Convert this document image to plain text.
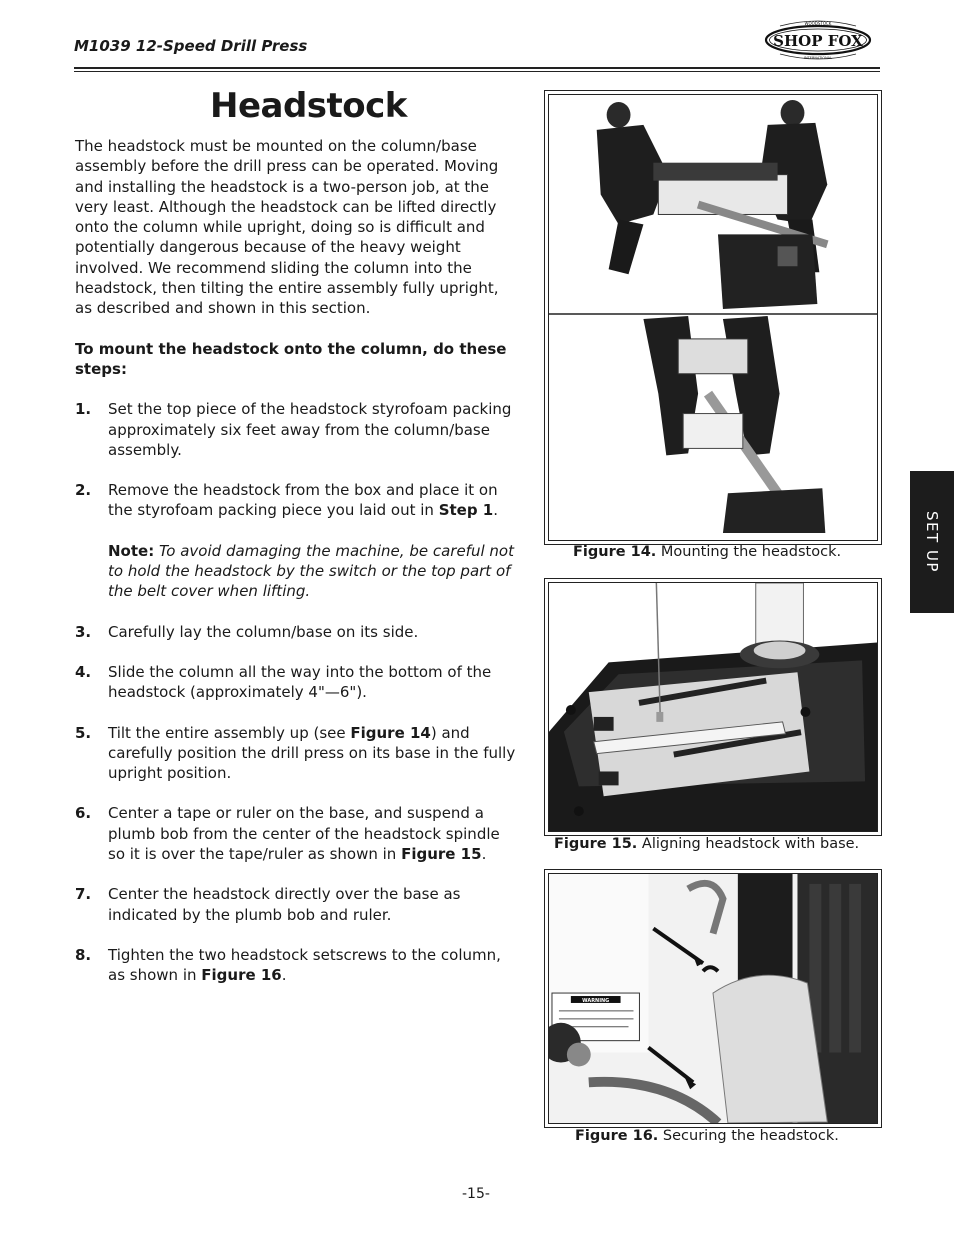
M1039 12-Speed Drill Press	SHOP FOX
WOODSTOCK
INTERNATIONAL
Headstock

The headstock must be mounted on the column/base assembly before the drill press can be operated. Moving and installing the headstock is a two-person job, at the very least. Although the headstock can be lifted directly onto the column while upright, doing so is difficult and potentially dangerous because of the heavy weight involved. We recommend sliding the column into the headstock, then tilting the entire assembly fully upright, as described and shown in this section.

To mount the headstock onto the column, do these steps:

1. Set the top piece of the headstock styrofoam packing approximately six feet away from the column/base assembly.
2. Remove the headstock from the box and place it on the styrofoam packing piece you laid out in Step 1.

Note: To avoid damaging the machine, be careful not to hold the headstock by the switch or the top part of the belt cover when lifting.

3. Carefully lay the column/base on its side.
4. Slide the column all the way into the bottom of the headstock (approximately 4"—6").
5. Tilt the entire assembly up (see Figure 14) and carefully position the drill press on its base in the fully upright position.
6. Center a tape or ruler on the base, and suspend a plumb bob from the center of the headstock spindle so it is over the tape/ruler as shown in Figure 15.
7. Center the headstock directly over the base as indicated by the plumb bob and ruler.
8. Tighten the two headstock setscrews to the column, as shown in Figure 16.
Figure 14. Mounting the headstock.
Figure 15. Aligning headstock with base.
WARNING
Figure 16. Securing the headstock.
SET UP
-15-
